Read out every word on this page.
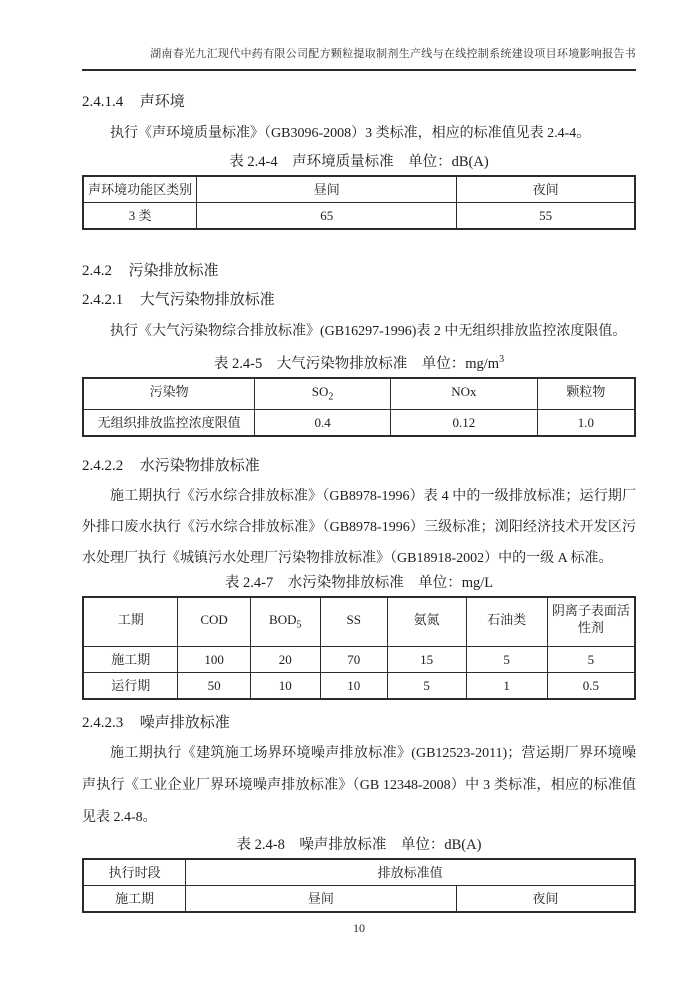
湖南春光九汇现代中药有限公司配方颗粒提取制剂生产线与在线控制系统建设项目环境影响报告书
2.4.1.4 声环境

执行《声环境质量标准》（GB3096-2008）3 类标准，相应的标准值见表 2.4-4。

表 2.4-4　声环境质量标准　单位：dB(A)
声环境功能区类别	昼间	夜间
3 类	65	55
2.4.2 污染排放标准
2.4.2.1 大气污染物排放标准

执行《大气污染物综合排放标准》(GB16297-1996)表 2 中无组织排放监控浓度限值。

表 2.4-5　大气污染物排放标准　单位：$mg/m^3$
污染物	$SO_2$	NOx	颗粒物
无组织排放监控浓度限值	0.4	0.12	1.0
2.4.2.2 水污染物排放标准

施工期执行《污水综合排放标准》（GB8978-1996）表 4 中的一级排放标准；运行期厂外排口废水执行《污水综合排放标准》（GB8978-1996）三级标准；浏阳经济技术开发区污水处理厂执行《城镇污水处理厂污染物排放标准》（GB18918-2002）中的一级 A 标准。

表 2.4-7　水污染物排放标准　单位：mg/L
工期	COD	$BOD_5$	SS	氨氮	石油类	阴离子表面活性剂
施工期	100	20	70	15	5	5
运行期	50	10	10	5	1	0.5
2.4.2.3 噪声排放标准

施工期执行《建筑施工场界环境噪声排放标准》(GB12523-2011)；营运期厂界环境噪声执行《工业企业厂界环境噪声排放标准》（GB 12348-2008）中 3 类标准，相应的标准值见表 2.4-8。

表 2.4-8　噪声排放标准　单位：dB(A)
执行时段	排放标准值	
施工期	昼间	夜间
10
